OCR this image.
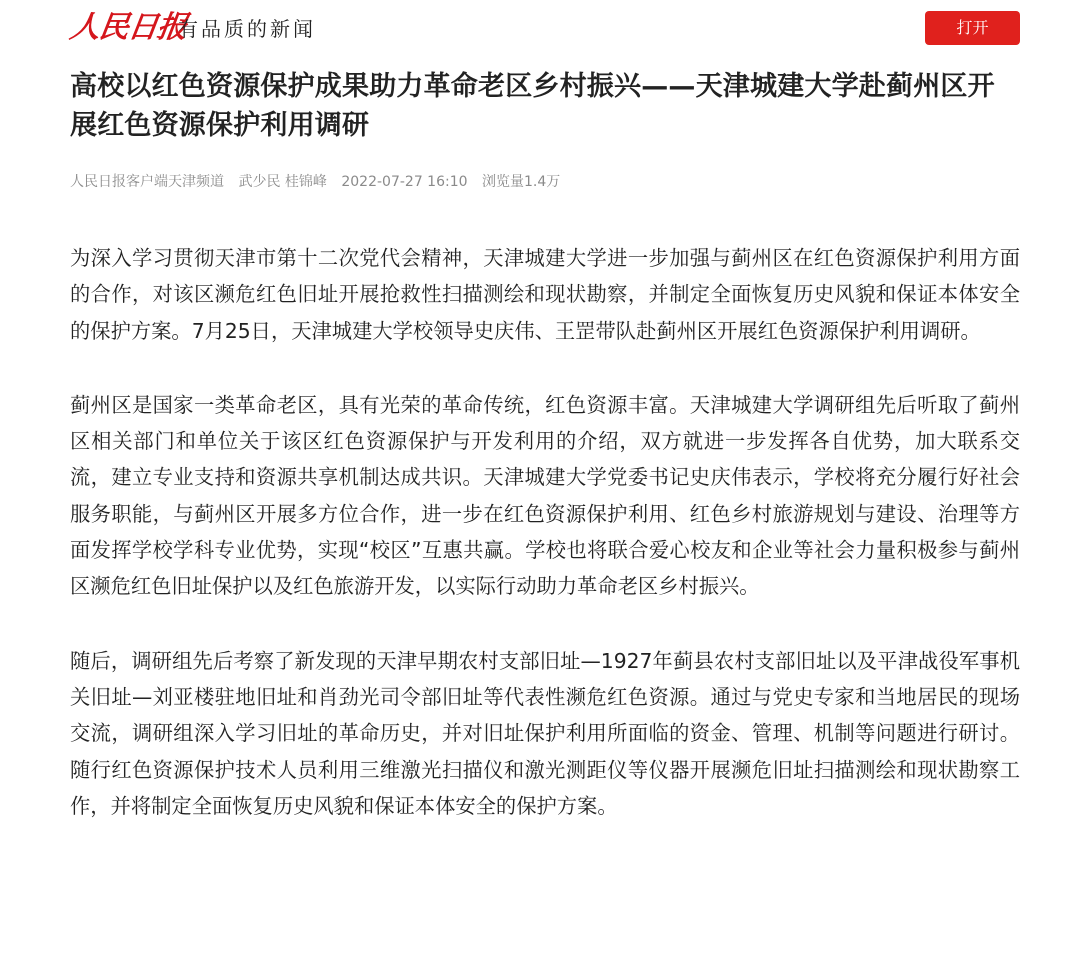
人民日报
有品质的新闻	打开
高校以红色资源保护成果助力革命老区乡村振兴——天津城建大学赴蓟州区开展红色资源保护利用调研
人民日报客户端天津频道 武少民 桂锦峰 2022-07-27 16:10 浏览量1.4万

为深入学习贯彻天津市第十二次党代会精神，天津城建大学进一步加强与蓟州区在红色资源保护利用方面的合作，对该区濒危红色旧址开展抢救性扫描测绘和现状勘察，并制定全面恢复历史风貌和保证本体安全的保护方案。7月25日，天津城建大学校领导史庆伟、王罡带队赴蓟州区开展红色资源保护利用调研。

蓟州区是国家一类革命老区，具有光荣的革命传统，红色资源丰富。天津城建大学调研组先后听取了蓟州区相关部门和单位关于该区红色资源保护与开发利用的介绍，双方就进一步发挥各自优势，加大联系交流，建立专业支持和资源共享机制达成共识。天津城建大学党委书记史庆伟表示，学校将充分履行好社会服务职能，与蓟州区开展多方位合作，进一步在红色资源保护利用、红色乡村旅游规划与建设、治理等方面发挥学校学科专业优势，实现“校区”互惠共赢。学校也将联合爱心校友和企业等社会力量积极参与蓟州区濒危红色旧址保护以及红色旅游开发，以实际行动助力革命老区乡村振兴。

随后，调研组先后考察了新发现的天津早期农村支部旧址—1927年蓟县农村支部旧址以及平津战役军事机关旧址—刘亚楼驻地旧址和肖劲光司令部旧址等代表性濒危红色资源。通过与党史专家和当地居民的现场交流，调研组深入学习旧址的革命历史，并对旧址保护利用所面临的资金、管理、机制等问题进行研讨。随行红色资源保护技术人员利用三维激光扫描仪和激光测距仪等仪器开展濒危旧址扫描测绘和现状勘察工作，并将制定全面恢复历史风貌和保证本体安全的保护方案。
